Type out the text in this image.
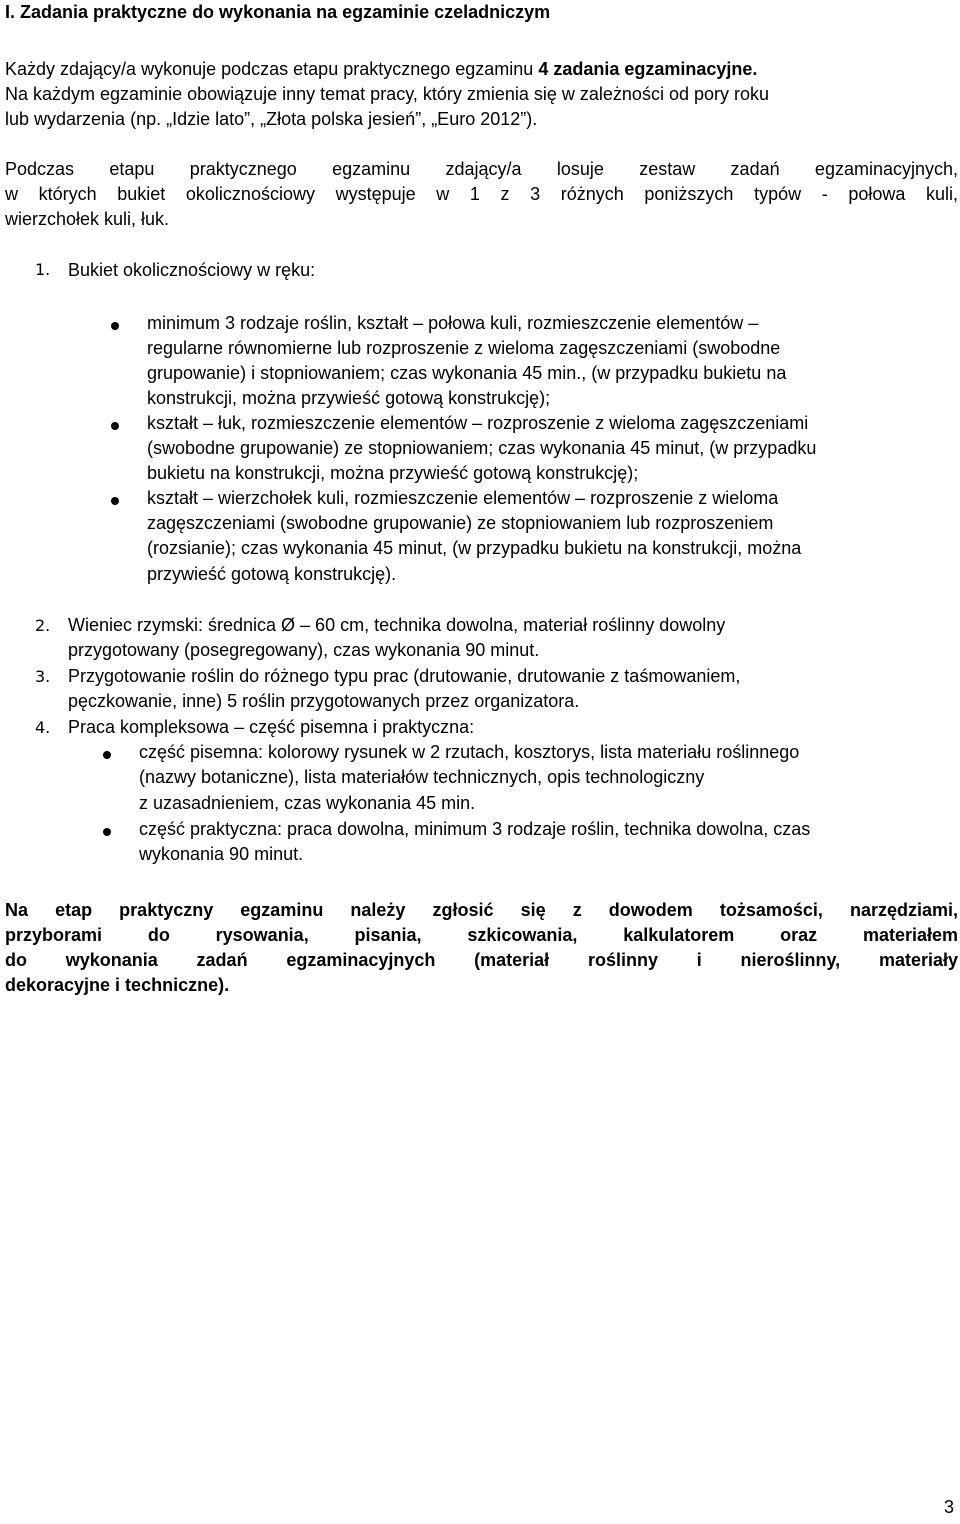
I. Zadania praktyczne do wykonania na egzaminie czeladniczym
Każdy zdający/a wykonuje podczas etapu praktycznego egzaminu 4 zadania egzaminacyjne.
Na każdym egzaminie obowiązuje inny temat pracy, który zmienia się w zależności od pory roku
lub wydarzenia (np. „Idzie lato”, „Złota polska jesień”, „Euro 2012”).
Podczas etapu praktycznego egzaminu zdający/a losuje zestaw zadań egzaminacyjnych,
w których bukiet okolicznościowy występuje w 1 z 3 różnych poniższych typów - połowa kuli,
wierzchołek kuli, łuk.
1. Bukiet okolicznościowy w ręku:
minimum 3 rodzaje roślin, kształt – połowa kuli, rozmieszczenie elementów –
regularne równomierne lub rozproszenie z wieloma zagęszczeniami (swobodne
grupowanie) i stopniowaniem; czas wykonania 45 min., (w przypadku bukietu na
konstrukcji, można przywieść gotową konstrukcję);
kształt – łuk, rozmieszczenie elementów – rozproszenie z wieloma zagęszczeniami
(swobodne grupowanie) ze stopniowaniem; czas wykonania 45 minut, (w przypadku
bukietu na konstrukcji, można przywieść gotową konstrukcję);
kształt – wierzchołek kuli, rozmieszczenie elementów – rozproszenie z wieloma
zagęszczeniami (swobodne grupowanie) ze stopniowaniem lub rozproszeniem
(rozsianie); czas wykonania 45 minut, (w przypadku bukietu na konstrukcji, można
przywieść gotową konstrukcję).
2. Wieniec rzymski: średnica Ø – 60 cm, technika dowolna, materiał roślinny dowolny
przygotowany (posegregowany), czas wykonania 90 minut.
3. Przygotowanie roślin do różnego typu prac (drutowanie, drutowanie z taśmowaniem,
pęczkowanie, inne) 5 roślin przygotowanych przez organizatora.
4. Praca kompleksowa – część pisemna i praktyczna:
część pisemna: kolorowy rysunek w 2 rzutach, kosztorys, lista materiału roślinnego
(nazwy botaniczne), lista materiałów technicznych, opis technologiczny
z uzasadnieniem, czas wykonania 45 min.
część praktyczna: praca dowolna, minimum 3 rodzaje roślin, technika dowolna, czas
wykonania 90 minut.
Na etap praktyczny egzaminu należy zgłosić się z dowodem tożsamości, narzędziami,
przyborami do rysowania, pisania, szkicowania, kalkulatorem oraz materiałem
do wykonania zadań egzaminacyjnych (materiał roślinny i nieroślinny, materiały
dekoracyjne i techniczne).
3
